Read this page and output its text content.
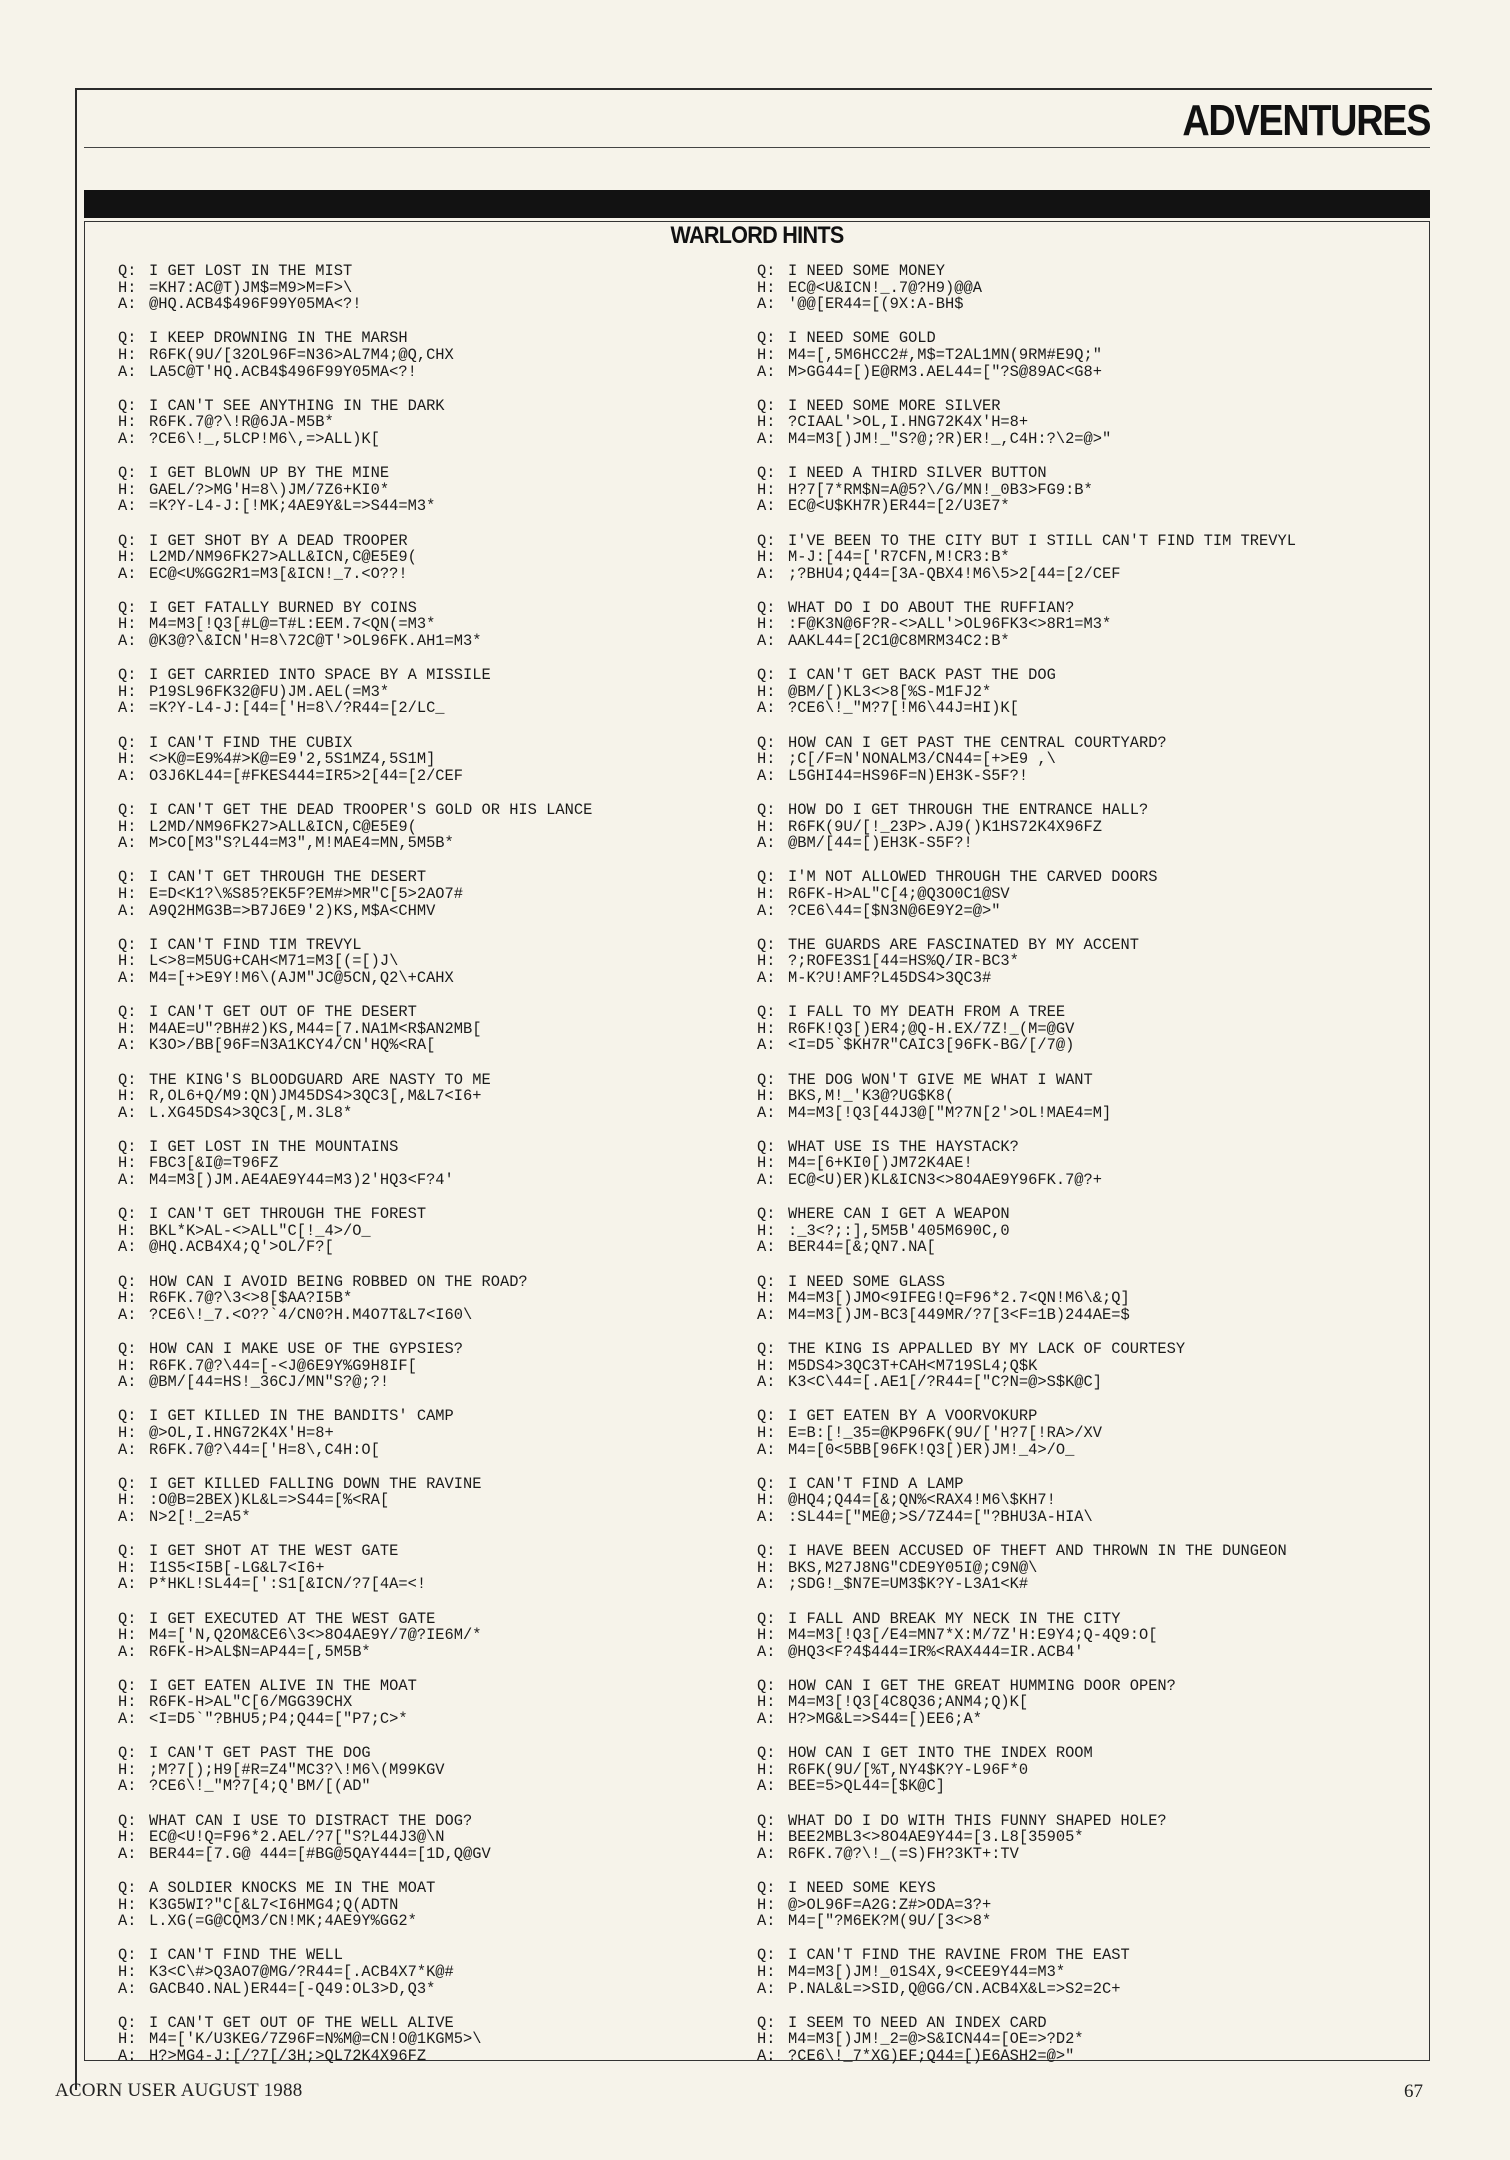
ADVENTURES
WARLORD HINTS
Q: I GET LOST IN THE MIST
H: =KH7:AC@T)JM$=M9>M=F>\
A: @HQ.ACB4$496F99Y05MA<?!
Q: I KEEP DROWNING IN THE MARSH
H: R6FK(9U/[32OL96F=N36>AL7M4;@Q,CHX
A: LA5C@T'HQ.ACB4$496F99Y05MA<?!
Q: I CAN'T SEE ANYTHING IN THE DARK
H: R6FK.7@?\!R@6JA-M5B*
A: ?CE6\!_,5LCP!M6\,=>ALL)K[
Q: I GET BLOWN UP BY THE MINE
H: GAEL/?>MG'H=8\)JM/7Z6+KI0*
A: =K?Y-L4-J:[!MK;4AE9Y&L=>S44=M3*
Q: I GET SHOT BY A DEAD TROOPER
H: L2MD/NM96FK27>ALL&ICN,C@E5E9(
A: EC@<U%GG2R1=M3[&ICN!_7.<O??!
Q: I GET FATALLY BURNED BY COINS
H: M4=M3[!Q3[#L@=T#L:EEM.7<QN(=M3*
A: @K3@?\&ICN'H=8\72C@T'>OL96FK.AH1=M3*
Q: I GET CARRIED INTO SPACE BY A MISSILE
H: P19SL96FK32@FU)JM.AEL(=M3*
A: =K?Y-L4-J:[44=['H=8\/?R44=[2/LC_
Q: I CAN'T FIND THE CUBIX
H: <>K@=E9%4#>K@=E9'2,5S1MZ4,5S1M]
A: O3J6KL44=[#FKES444=IR5>2[44=[2/CEF
Q: I CAN'T GET THE DEAD TROOPER'S GOLD OR HIS LANCE
H: L2MD/NM96FK27>ALL&ICN,C@E5E9(
A: M>CO[M3"S?L44=M3",M!MAE4=MN,5M5B*
Q: I CAN'T GET THROUGH THE DESERT
H: E=D<K1?\%S85?EK5F?EM#>MR"C[5>2AO7#
A: A9Q2HMG3B=>B7J6E9'2)KS,M$A<CHMV
Q: I CAN'T FIND TIM TREVYL
H: L<>8=M5UG+CAH<M71=M3[(=[)J\
A: M4=[+>E9Y!M6\(AJM"JC@5CN,Q2\+CAHX
Q: I CAN'T GET OUT OF THE DESERT
H: M4AE=U"?BH#2)KS,M44=[7.NA1M<R$AN2MB[
A: K3O>/BB[96F=N3A1KCY4/CN'HQ%<RA[
Q: THE KING'S BLOODGUARD ARE NASTY TO ME
H: R,OL6+Q/M9:QN)JM45DS4>3QC3[,M&L7<I6+
A: L.XG45DS4>3QC3[,M.3L8*
Q: I GET LOST IN THE MOUNTAINS
H: FBC3[&I@=T96FZ
A: M4=M3[)JM.AE4AE9Y44=M3)2'HQ3<F?4'
Q: I CAN'T GET THROUGH THE FOREST
H: BKL*K>AL-<>ALL"C[!_4>/O_
A: @HQ.ACB4X4;Q'>OL/F?[
Q: HOW CAN I AVOID BEING ROBBED ON THE ROAD?
H: R6FK.7@?\3<>8[$AA?I5B*
A: ?CE6\!_7.<O??`4/CN0?H.M4O7T&L7<I60\
Q: HOW CAN I MAKE USE OF THE GYPSIES?
H: R6FK.7@?\44=[-<J@6E9Y%G9H8IF[
A: @BM/[44=HS!_36CJ/MN"S?@;?!
Q: I GET KILLED IN THE BANDITS' CAMP
H: @>OL,I.HNG72K4X'H=8+
A: R6FK.7@?\44=['H=8\,C4H:O[
Q: I GET KILLED FALLING DOWN THE RAVINE
H: :O@B=2BEX)KL&L=>S44=[%<RA[
A: N>2[!_2=A5*
Q: I GET SHOT AT THE WEST GATE
H: I1S5<I5B[-LG&L7<I6+
A: P*HKL!SL44=[':S1[&ICN/?7[4A=<!
Q: I GET EXECUTED AT THE WEST GATE
H: M4=['N,Q2OM&CE6\3<>8O4AE9Y/7@?IE6M/*
A: R6FK-H>AL$N=AP44=[,5M5B*
Q: I GET EATEN ALIVE IN THE MOAT
H: R6FK-H>AL"C[6/MGG39CHX
A: <I=D5`"?BHU5;P4;Q44=["P7;C>*
Q: I CAN'T GET PAST THE DOG
H: ;M?7[);H9[#R=Z4"MC3?\!M6\(M99KGV
A: ?CE6\!_"M?7[4;Q'BM/[(AD"
Q: WHAT CAN I USE TO DISTRACT THE DOG?
H: EC@<U!Q=F96*2.AEL/?7["S?L44J3@\N
A: BER44=[7.G@ 444=[#BG@5QAY444=[1D,Q@GV
Q: A SOLDIER KNOCKS ME IN THE MOAT
H: K3G5WI?"C[&L7<I6HMG4;Q(ADTN
A: L.XG(=G@CQM3/CN!MK;4AE9Y%GG2*
Q: I CAN'T FIND THE WELL
H: K3<C\#>Q3AO7@MG/?R44=[.ACB4X7*K@#
A: GACB4O.NAL)ER44=[-Q49:OL3>D,Q3*
Q: I CAN'T GET OUT OF THE WELL ALIVE
H: M4=['K/U3KEG/7Z96F=N%M@=CN!O@1KGM5>\
A: H?>MG4-J:[/?7[/3H;>QL72K4X96FZ
Q: I NEED SOME MONEY
H: EC@<U&ICN!_.7@?H9)@@A
A: '@@[ER44=[(9X:A-BH$
Q: I NEED SOME GOLD
H: M4=[,5M6HCC2#,M$=T2AL1MN(9RM#E9Q;"
A: M>GG44=[)E@RM3.AEL44=["?S@89AC<G8+
Q: I NEED SOME MORE SILVER
H: ?CIAAL'>OL,I.HNG72K4X'H=8+
A: M4=M3[)JM!_"S?@;?R)ER!_,C4H:?\2=@>"
Q: I NEED A THIRD SILVER BUTTON
H: H?7[7*RM$N=A@5?\/G/MN!_0B3>FG9:B*
A: EC@<U$KH7R)ER44=[2/U3E7*
Q: I'VE BEEN TO THE CITY BUT I STILL CAN'T FIND TIM TREVYL
H: M-J:[44=['R7CFN,M!CR3:B*
A: ;?BHU4;Q44=[3A-QBX4!M6\5>2[44=[2/CEF
Q: WHAT DO I DO ABOUT THE RUFFIAN?
H: :F@K3N@6F?R-<>ALL'>OL96FK3<>8R1=M3*
A: AAKL44=[2C1@C8MRM34C2:B*
Q: I CAN'T GET BACK PAST THE DOG
H: @BM/[)KL3<>8[%S-M1FJ2*
A: ?CE6\!_"M?7[!M6\44J=HI)K[
Q: HOW CAN I GET PAST THE CENTRAL COURTYARD?
H: ;C[/F=N'NONALM3/CN44=[+>E9 ,\
A: L5GHI44=HS96F=N)EH3K-S5F?!
Q: HOW DO I GET THROUGH THE ENTRANCE HALL?
H: R6FK(9U/[!_23P>.AJ9()K1HS72K4X96FZ
A: @BM/[44=[)EH3K-S5F?!
Q: I'M NOT ALLOWED THROUGH THE CARVED DOORS
H: R6FK-H>AL"C[4;@Q3O0C1@SV
A: ?CE6\44=[$N3N@6E9Y2=@>"
Q: THE GUARDS ARE FASCINATED BY MY ACCENT
H: ?;ROFE3S1[44=HS%Q/IR-BC3*
A: M-K?U!AMF?L45DS4>3QC3#
Q: I FALL TO MY DEATH FROM A TREE
H: R6FK!Q3[)ER4;@Q-H.EX/7Z!_(M=@GV
A: <I=D5`$KH7R"CAIC3[96FK-BG/[/7@)
Q: THE DOG WON'T GIVE ME WHAT I WANT
H: BKS,M!_'K3@?UG$K8(
A: M4=M3[!Q3[44J3@["M?7N[2'>OL!MAE4=M]
Q: WHAT USE IS THE HAYSTACK?
H: M4=[6+KI0[)JM72K4AE!
A: EC@<U)ER)KL&ICN3<>8O4AE9Y96FK.7@?+
Q: WHERE CAN I GET A WEAPON
H: :_3<?;:],5M5B'405M690C,0
A: BER44=[&;QN7.NA[
Q: I NEED SOME GLASS
H: M4=M3[)JMO<9IFEG!Q=F96*2.7<QN!M6\&;Q]
A: M4=M3[)JM-BC3[449MR/?7[3<F=1B)244AE=$
Q: THE KING IS APPALLED BY MY LACK OF COURTESY
H: M5DS4>3QC3T+CAH<M719SL4;Q$K
A: K3<C\44=[.AE1[/?R44=["C?N=@>S$K@C]
Q: I GET EATEN BY A VOORVOKURP
H: E=B:[!_35=@KP96FK(9U/['H?7[!RA>/XV
A: M4=[0<5BB[96FK!Q3[)ER)JM!_4>/O_
Q: I CAN'T FIND A LAMP
H: @HQ4;Q44=[&;QN%<RAX4!M6\$KH7!
A: :SL44=["ME@;>S/7Z44=["?BHU3A-HIA\
Q: I HAVE BEEN ACCUSED OF THEFT AND THROWN IN THE DUNGEON
H: BKS,M27J8NG"CDE9Y05I@;C9N@\
A: ;SDG!_$N7E=UM3$K?Y-L3A1<K#
Q: I FALL AND BREAK MY NECK IN THE CITY
H: M4=M3[!Q3[/E4=MN7*X:M/7Z'H:E9Y4;Q-4Q9:O[
A: @HQ3<F?4$444=IR%<RAX444=IR.ACB4'
Q: HOW CAN I GET THE GREAT HUMMING DOOR OPEN?
H: M4=M3[!Q3[4C8Q36;ANM4;Q)K[
A: H?>MG&L=>S44=[)EE6;A*
Q: HOW CAN I GET INTO THE INDEX ROOM
H: R6FK(9U/[%T,NY4$K?Y-L96F*0
A: BEE=5>QL44=[$K@C]
Q: WHAT DO I DO WITH THIS FUNNY SHAPED HOLE?
H: BEE2MBL3<>8O4AE9Y44=[3.L8[35905*
A: R6FK.7@?\!_(=S)FH?3KT+:TV
Q: I NEED SOME KEYS
H: @>OL96F=A2G:Z#>ODA=3?+
A: M4=["?M6EK?M(9U/[3<>8*
Q: I CAN'T FIND THE RAVINE FROM THE EAST
H: M4=M3[)JM!_01S4X,9<CEE9Y44=M3*
A: P.NAL&L=>SID,Q@GG/CN.ACB4X&L=>S2=2C+
Q: I SEEM TO NEED AN INDEX CARD
H: M4=M3[)JM!_2=@>S&ICN44=[OE=>?D2*
A: ?CE6\!_7*XG)EF;Q44=[)E6ASH2=@>"
ACORN USER AUGUST 1988	67
